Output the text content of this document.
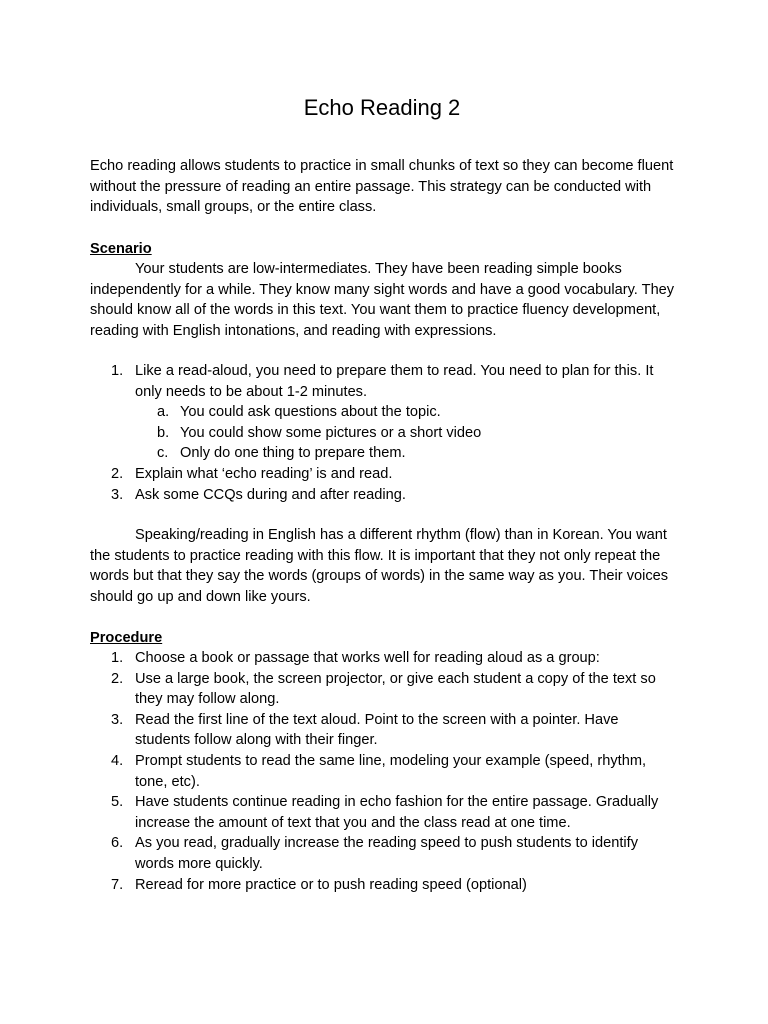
Echo Reading 2

Echo reading allows students to practice in small chunks of text so they can become fluent without the pressure of reading an entire passage. This strategy can be conducted with individuals, small groups, or the entire class.

Scenario

Your students are low-intermediates. They have been reading simple books independently for a while. They know many sight words and have a good vocabulary. They should know all of the words in this text. You want them to practice fluency development, reading with English intonations, and reading with expressions.

1. Like a read-aloud, you need to prepare them to read. You need to plan for this. It only needs to be about 1-2 minutes.
a. You could ask questions about the topic.
b. You could show some pictures or a short video
c. Only do one thing to prepare them.
2. Explain what ‘echo reading’ is and read.
3. Ask some CCQs during and after reading.

Speaking/reading in English has a different rhythm (flow) than in Korean. You want the students to practice reading with this flow. It is important that they not only repeat the words but that they say the words (groups of words) in the same way as you. Their voices should go up and down like yours.

Procedure
1. Choose a book or passage that works well for reading aloud as a group:
2. Use a large book, the screen projector, or give each student a copy of the text so they may follow along.
3. Read the first line of the text aloud. Point to the screen with a pointer. Have students follow along with their finger.
4. Prompt students to read the same line, modeling your example (speed, rhythm, tone, etc).
5. Have students continue reading in echo fashion for the entire passage. Gradually increase the amount of text that you and the class read at one time.
6. As you read, gradually increase the reading speed to push students to identify words more quickly.
7. Reread for more practice or to push reading speed (optional)
